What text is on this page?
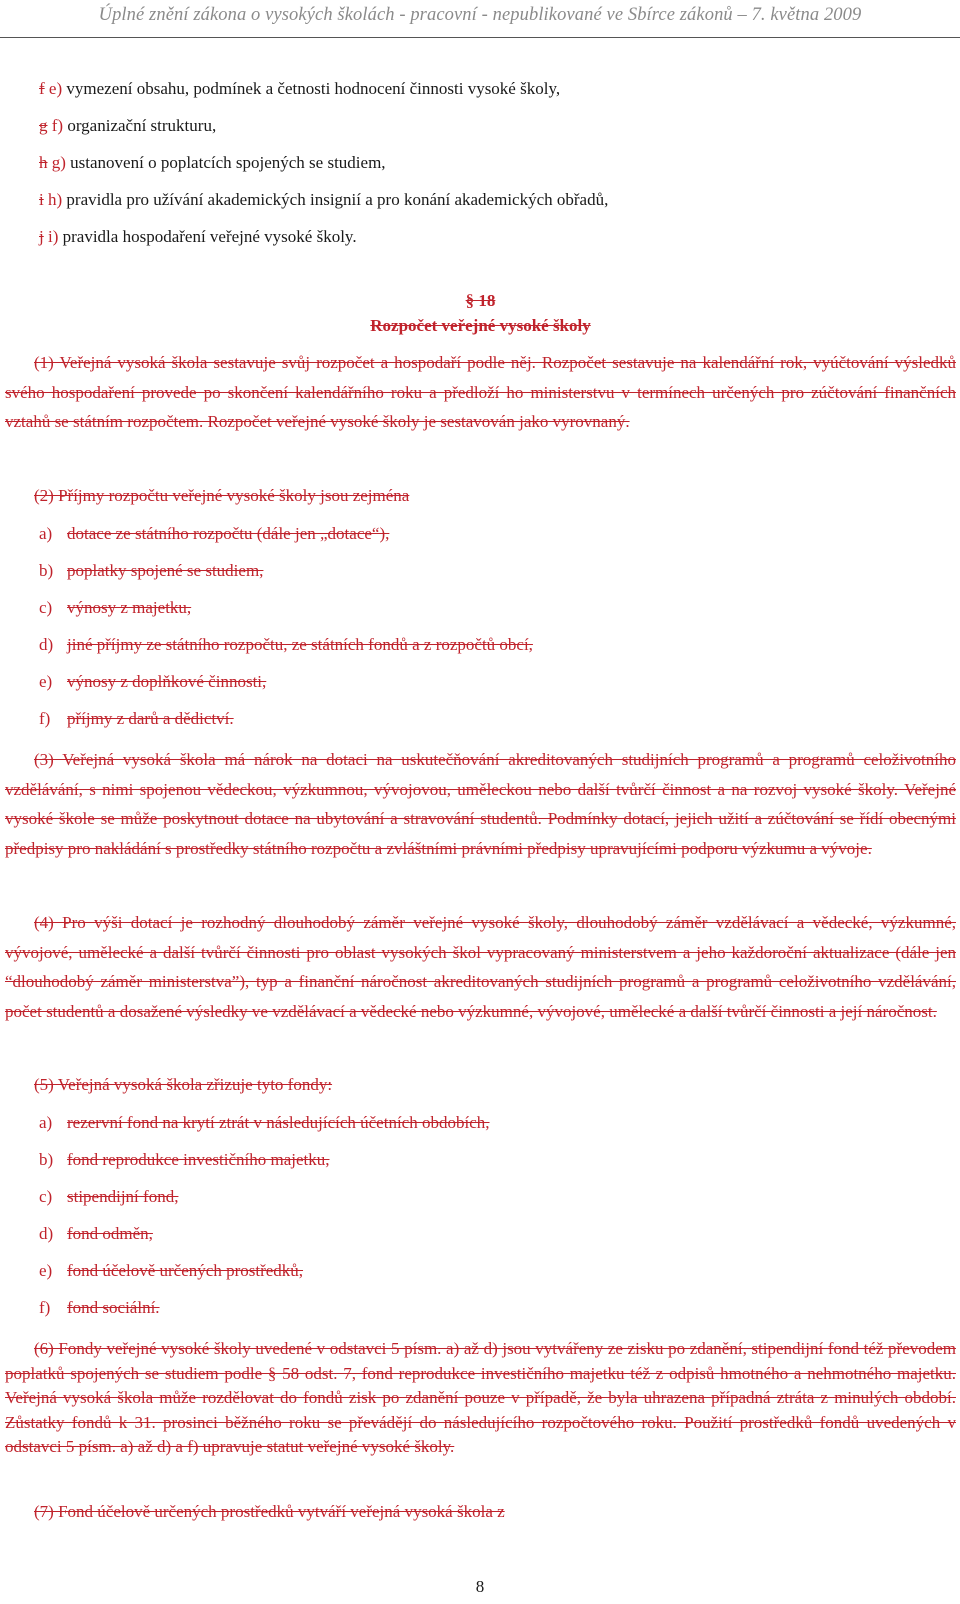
Úplné znění zákona o vysokých školách - pracovní - nepublikované ve Sbírce zákonů – 7. května 2009
f e) vymezení obsahu, podmínek a četnosti hodnocení činnosti vysoké školy,
g f) organizační strukturu,
h g) ustanovení o poplatcích spojených se studiem,
i h) pravidla pro užívání akademických insignií a pro konání akademických obřadů,
j i) pravidla hospodaření veřejné vysoké školy.
§ 18
Rozpočet veřejné vysoké školy
(1) Veřejná vysoká škola sestavuje svůj rozpočet a hospodaří podle něj. Rozpočet sestavuje na kalendářní rok, vyúčtování výsledků svého hospodaření provede po skončení kalendářního roku a předloží ho ministerstvu v termínech určených pro zúčtování finančních vztahů se státním rozpočtem. Rozpočet veřejné vysoké školy je sestavován jako vyrovnaný.
(2) Příjmy rozpočtu veřejné vysoké školy jsou zejména
a) dotace ze státního rozpočtu (dále jen „dotace“),
b) poplatky spojené se studiem,
c) výnosy z majetku,
d) jiné příjmy ze státního rozpočtu, ze státních fondů a z rozpočtů obcí,
e) výnosy z doplňkové činnosti,
f) příjmy z darů a dědictví.
(3) Veřejná vysoká škola má nárok na dotaci na uskutečňování akreditovaných studijních programů a programů celoživotního vzdělávání, s nimi spojenou vědeckou, výzkumnou, vývojovou, uměleckou nebo další tvůrčí činnost a na rozvoj vysoké školy. Veřejné vysoké škole se může poskytnout dotace na ubytování a stravování studentů. Podmínky dotací, jejich užití a zúčtování se řídí obecnými předpisy pro nakládání s prostředky státního rozpočtu a zvláštními právními předpisy upravujícími podporu výzkumu a vývoje.
(4) Pro výši dotací je rozhodný dlouhodobý záměr veřejné vysoké školy, dlouhodobý záměr vzdělávací a vědecké, výzkumné, vývojové, umělecké a další tvůrčí činnosti pro oblast vysokých škol vypracovaný ministerstvem a jeho každoroční aktualizace (dále jen “dlouhodobý záměr ministerstva”), typ a finanční náročnost akreditovaných studijních programů a programů celoživotního vzdělávání, počet studentů a dosažené výsledky ve vzdělávací a vědecké nebo výzkumné, vývojové, umělecké a další tvůrčí činnosti a její náročnost.
(5) Veřejná vysoká škola zřizuje tyto fondy:
a) rezervní fond na krytí ztrát v následujících účetních obdobích,
b) fond reprodukce investičního majetku,
c) stipendijní fond,
d) fond odměn,
e) fond účelově určených prostředků,
f) fond sociální.
(6) Fondy veřejné vysoké školy uvedené v odstavci 5 písm. a) až d) jsou vytvářeny ze zisku po zdanění, stipendijní fond též převodem poplatků spojených se studiem podle § 58 odst. 7, fond reprodukce investičního majetku též z odpisů hmotného a nehmotného majetku. Veřejná vysoká škola může rozdělovat do fondů zisk po zdanění pouze v případě, že byla uhrazena případná ztráta z minulých období. Zůstatky fondů k 31. prosinci běžného roku se převádějí do následujícího rozpočtového roku. Použití prostředků fondů uvedených v odstavci 5 písm. a) až d) a f) upravuje statut veřejné vysoké školy.
(7) Fond účelově určených prostředků vytváří veřejná vysoká škola z
8
